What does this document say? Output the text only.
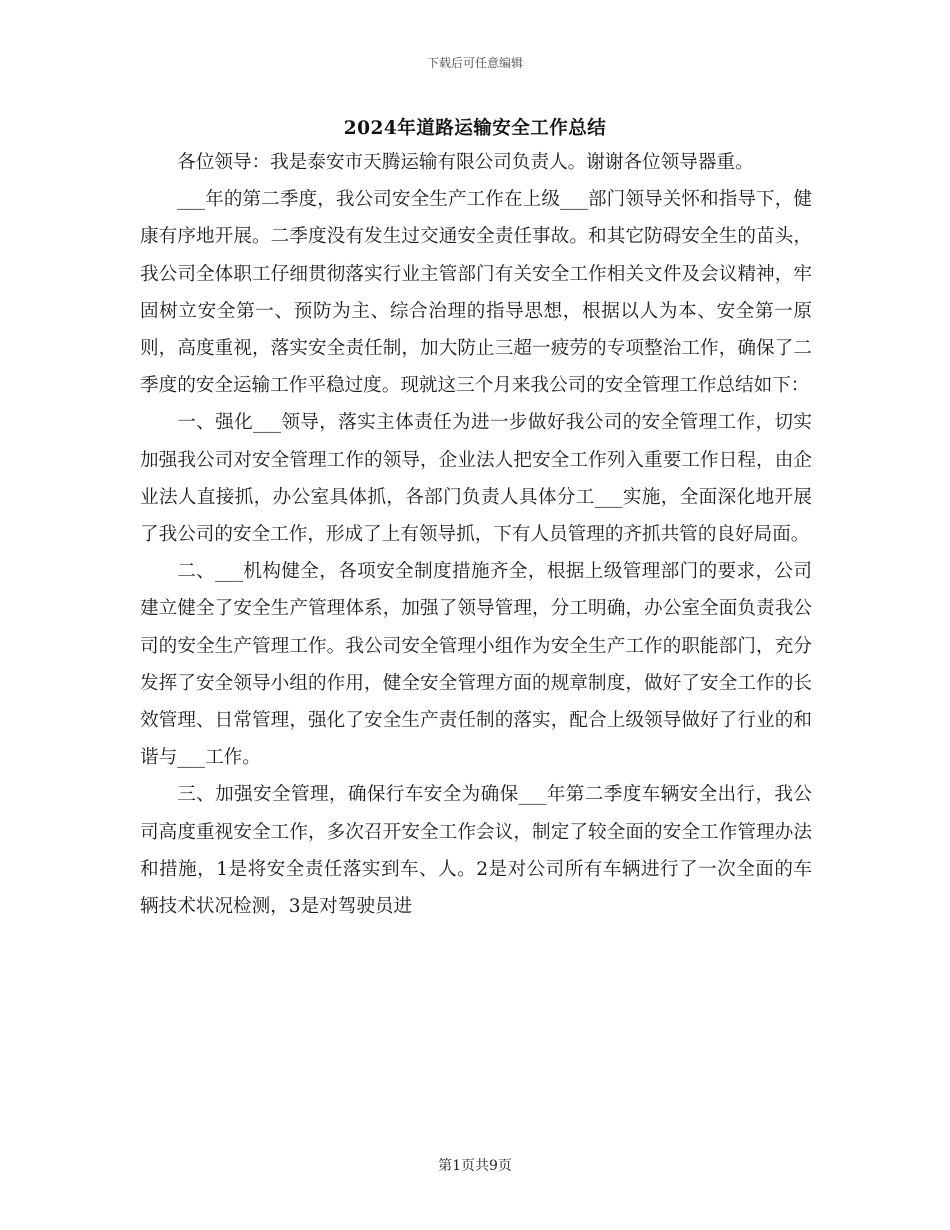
下载后可任意编辑
2024年道路运输安全工作总结

各位领导：我是泰安市天腾运输有限公司负责人。谢谢各位领导器重。

___年的第二季度，我公司安全生产工作在上级___部门领导关怀和指导下，健康有序地开展。二季度没有发生过交通安全责任事故。和其它防碍安全生的苗头，我公司全体职工仔细贯彻落实行业主管部门有关安全工作相关文件及会议精神，牢固树立安全第一、预防为主、综合治理的指导思想，根据以人为本、安全第一原则，高度重视，落实安全责任制，加大防止三超一疲劳的专项整治工作，确保了二季度的安全运输工作平稳过度。现就这三个月来我公司的安全管理工作总结如下：

一、强化___领导，落实主体责任为进一步做好我公司的安全管理工作，切实加强我公司对安全管理工作的领导，企业法人把安全工作列入重要工作日程，由企业法人直接抓，办公室具体抓，各部门负责人具体分工___实施，全面深化地开展了我公司的安全工作，形成了上有领导抓，下有人员管理的齐抓共管的良好局面。

二、___机构健全，各项安全制度措施齐全，根据上级管理部门的要求，公司建立健全了安全生产管理体系，加强了领导管理，分工明确，办公室全面负责我公司的安全生产管理工作。我公司安全管理小组作为安全生产工作的职能部门，充分发挥了安全领导小组的作用，健全安全管理方面的规章制度，做好了安全工作的长效管理、日常管理，强化了安全生产责任制的落实，配合上级领导做好了行业的和谐与___工作。

三、加强安全管理，确保行车安全为确保___年第二季度车辆安全出行，我公司高度重视安全工作，多次召开安全工作会议，制定了较全面的安全工作管理办法和措施，1是将安全责任落实到车、人。2是对公司所有车辆进行了一次全面的车辆技术状况检测，3是对驾驶员进

第1页共9页
